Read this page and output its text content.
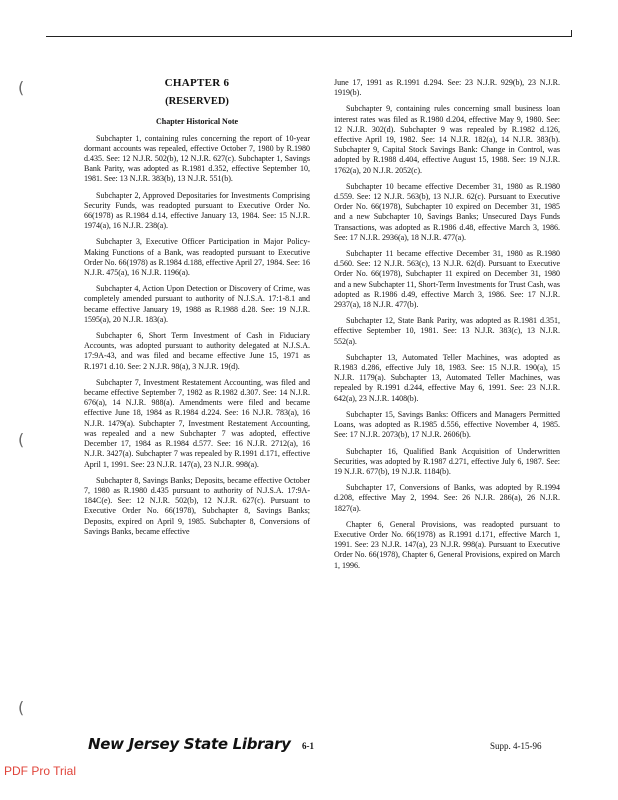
(
(
(
CHAPTER 6
(RESERVED)
Chapter Historical Note

Subchapter 1, containing rules concerning the report of 10-year dormant accounts was repealed, effective October 7, 1980 by R.1980 d.435. See: 12 N.J.R. 502(b), 12 N.J.R. 627(c). Subchapter 1, Savings Bank Parity, was adopted as R.1981 d.352, effective September 10, 1981. See: 13 N.J.R. 383(b), 13 N.J.R. 551(b).

Subchapter 2, Approved Depositaries for Investments Comprising Security Funds, was readopted pursuant to Executive Order No. 66(1978) as R.1984 d.14, effective January 13, 1984. See: 15 N.J.R. 1974(a), 16 N.J.R. 238(a).

Subchapter 3, Executive Officer Participation in Major Policy-Making Functions of a Bank, was readopted pursuant to Executive Order No. 66(1978) as R.1984 d.188, effective April 27, 1984. See: 16 N.J.R. 475(a), 16 N.J.R. 1196(a).

Subchapter 4, Action Upon Detection or Discovery of Crime, was completely amended pursuant to authority of N.J.S.A. 17:1-8.1 and became effective January 19, 1988 as R.1988 d.28. See: 19 N.J.R. 1595(a), 20 N.J.R. 183(a).

Subchapter 6, Short Term Investment of Cash in Fiduciary Accounts, was adopted pursuant to authority delegated at N.J.S.A. 17:9A-43, and was filed and became effective June 15, 1971 as R.1971 d.10. See: 2 N.J.R. 98(a), 3 N.J.R. 19(d).

Subchapter 7, Investment Restatement Accounting, was filed and became effective September 7, 1982 as R.1982 d.307. See: 14 N.J.R. 676(a), 14 N.J.R. 988(a). Amendments were filed and became effective June 18, 1984 as R.1984 d.224. See: 16 N.J.R. 783(a), 16 N.J.R. 1479(a). Subchapter 7, Investment Restatement Accounting, was repealed and a new Subchapter 7 was adopted, effective December 17, 1984 as R.1984 d.577. See: 16 N.J.R. 2712(a), 16 N.J.R. 3427(a). Subchapter 7 was repealed by R.1991 d.171, effective April 1, 1991. See: 23 N.J.R. 147(a), 23 N.J.R. 998(a).

Subchapter 8, Savings Banks; Deposits, became effective October 7, 1980 as R.1980 d.435 pursuant to authority of N.J.S.A. 17:9A-184C(e). See: 12 N.J.R. 502(b), 12 N.J.R. 627(c). Pursuant to Executive Order No. 66(1978), Subchapter 8, Savings Banks; Deposits, expired on April 9, 1985. Subchapter 8, Conversions of Savings Banks, became effective

June 17, 1991 as R.1991 d.294. See: 23 N.J.R. 929(b), 23 N.J.R. 1919(b).

Subchapter 9, containing rules concerning small business loan interest rates was filed as R.1980 d.204, effective May 9, 1980. See: 12 N.J.R. 302(d). Subchapter 9 was repealed by R.1982 d.126, effective April 19, 1982. See: 14 N.J.R. 182(a), 14 N.J.R. 383(b). Subchapter 9, Capital Stock Savings Bank: Change in Control, was adopted by R.1988 d.404, effective August 15, 1988. See: 19 N.J.R. 1762(a), 20 N.J.R. 2052(c).

Subchapter 10 became effective December 31, 1980 as R.1980 d.559. See: 12 N.J.R. 563(b), 13 N.J.R. 62(c). Pursuant to Executive Order No. 66(1978), Subchapter 10 expired on December 31, 1985 and a new Subchapter 10, Savings Banks; Unsecured Days Funds Transactions, was adopted as R.1986 d.48, effective March 3, 1986. See: 17 N.J.R. 2936(a), 18 N.J.R. 477(a).

Subchapter 11 became effective December 31, 1980 as R.1980 d.560. See: 12 N.J.R. 563(c), 13 N.J.R. 62(d). Pursuant to Executive Order No. 66(1978), Subchapter 11 expired on December 31, 1980 and a new Subchapter 11, Short-Term Investments for Trust Cash, was adopted as R.1986 d.49, effective March 3, 1986. See: 17 N.J.R. 2937(a), 18 N.J.R. 477(b).

Subchapter 12, State Bank Parity, was adopted as R.1981 d.351, effective September 10, 1981. See: 13 N.J.R. 383(c), 13 N.J.R. 552(a).

Subchapter 13, Automated Teller Machines, was adopted as R.1983 d.286, effective July 18, 1983. See: 15 N.J.R. 190(a), 15 N.J.R. 1179(a). Subchapter 13, Automated Teller Machines, was repealed by R.1991 d.244, effective May 6, 1991. See: 23 N.J.R. 642(a), 23 N.J.R. 1408(b).

Subchapter 15, Savings Banks: Officers and Managers Permitted Loans, was adopted as R.1985 d.556, effective November 4, 1985. See: 17 N.J.R. 2073(b), 17 N.J.R. 2606(b).

Subchapter 16, Qualified Bank Acquisition of Underwritten Securities, was adopted by R.1987 d.271, effective July 6, 1987. See: 19 N.J.R. 677(b), 19 N.J.R. 1184(b).

Subchapter 17, Conversions of Banks, was adopted by R.1994 d.208, effective May 2, 1994. See: 26 N.J.R. 286(a), 26 N.J.R. 1827(a).

Chapter 6, General Provisions, was readopted pursuant to Executive Order No. 66(1978) as R.1991 d.171, effective March 1, 1991. See: 23 N.J.R. 147(a), 23 N.J.R. 998(a). Pursuant to Executive Order No. 66(1978), Chapter 6, General Provisions, expired on March 1, 1996.

New Jersey State Library 6-1	Supp. 4-15-96
PDF Pro Trial
